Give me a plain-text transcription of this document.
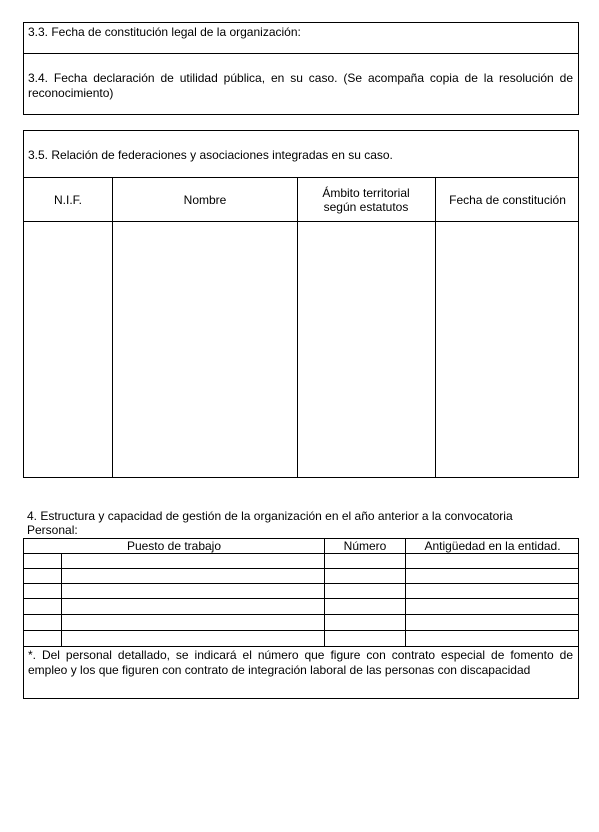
3.3. Fecha de constitución legal de la organización:
3.4. Fecha declaración de utilidad pública, en su caso. (Se acompaña copia de la resolución de reconocimiento)
3.5. Relación de federaciones y asociaciones integradas en su caso.
N.I.F.	Nombre	Ámbito territorial según estatutos	Fecha de constitución
4. Estructura y capacidad de gestión de la organización en el año anterior a la convocatoria
Personal:
Puesto de trabajo	Número	Antigüedad en la entidad.
*. Del personal detallado, se indicará el número que figure con contrato especial de fomento de empleo y los que figuren con contrato de integración laboral de las personas con discapacidad
